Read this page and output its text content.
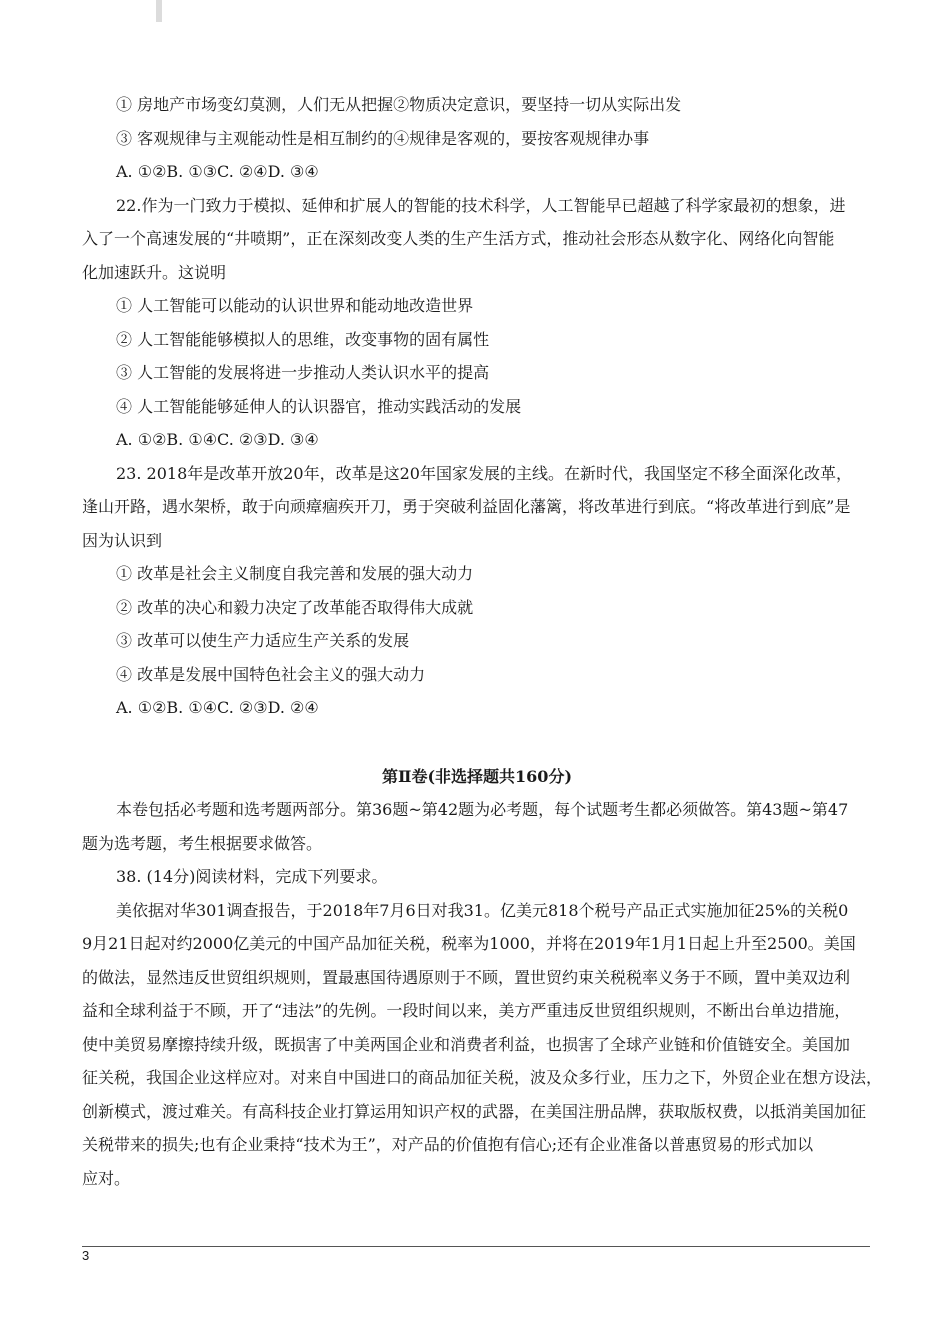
① 房地产市场变幻莫测，人们无从把握②物质决定意识，要坚持一切从实际出发
③ 客观规律与主观能动性是相互制约的④规律是客观的，要按客观规律办事
A. ①②B. ①③C. ②④D. ③④
22.作为一门致力于模拟、延伸和扩展人的智能的技术科学，人工智能早已超越了科学家最初的想象，进
入了一个高速发展的“井喷期”，正在深刻改变人类的生产生活方式，推动社会形态从数字化、网络化向智能
化加速跃升。这说明
① 人工智能可以能动的认识世界和能动地改造世界
② 人工智能能够模拟人的思维，改变事物的固有属性
③ 人工智能的发展将进一步推动人类认识水平的提高
④ 人工智能能够延伸人的认识器官，推动实践活动的发展
A. ①②B. ①④C. ②③D. ③④
23. 2018年是改革开放20年，改革是这20年国家发展的主线。在新时代，我国坚定不移全面深化改革，
逢山开路，遇水架桥，敢于向顽瘴痼疾开刀，勇于突破利益固化藩篱，将改革进行到底。“将改革进行到底”是
因为认识到
① 改革是社会主义制度自我完善和发展的强大动力
② 改革的决心和毅力决定了改革能否取得伟大成就
③ 改革可以使生产力适应生产关系的发展
④ 改革是发展中国特色社会主义的强大动力
A. ①②B. ①④C. ②③D. ②④
第Ⅱ卷(非选择题共160分)
本卷包括必考题和选考题两部分。第36题~第42题为必考题，每个试题考生都必须做答。第43题~第47
题为选考题，考生根据要求做答。
38. (14分)阅读材料，完成下列要求。
美依据对华301调查报告，于2018年7月6日对我31。亿美元818个税号产品正式实施加征25%的关税0
9月21日起对约2000亿美元的中国产品加征关税，税率为1000，并将在2019年1月1日起上升至2500。美国
的做法，显然违反世贸组织规则，置最惠国待遇原则于不顾，置世贸约束关税税率义务于不顾，置中美双边利
益和全球利益于不顾，开了“违法”的先例。一段时间以来，美方严重违反世贸组织规则，不断出台单边措施，
使中美贸易摩擦持续升级，既损害了中美两国企业和消费者利益，也损害了全球产业链和价值链安全。美国加
征关税，我国企业这样应对。对来自中国进口的商品加征关税，波及众多行业，压力之下，外贸企业在想方设法，
创新模式，渡过难关。有高科技企业打算运用知识产权的武器，在美国注册品牌，获取版权费，以抵消美国加征
关税带来的损失;也有企业秉持“技术为王”，对产品的价值抱有信心;还有企业准备以普惠贸易的形式加以
应对。
3
